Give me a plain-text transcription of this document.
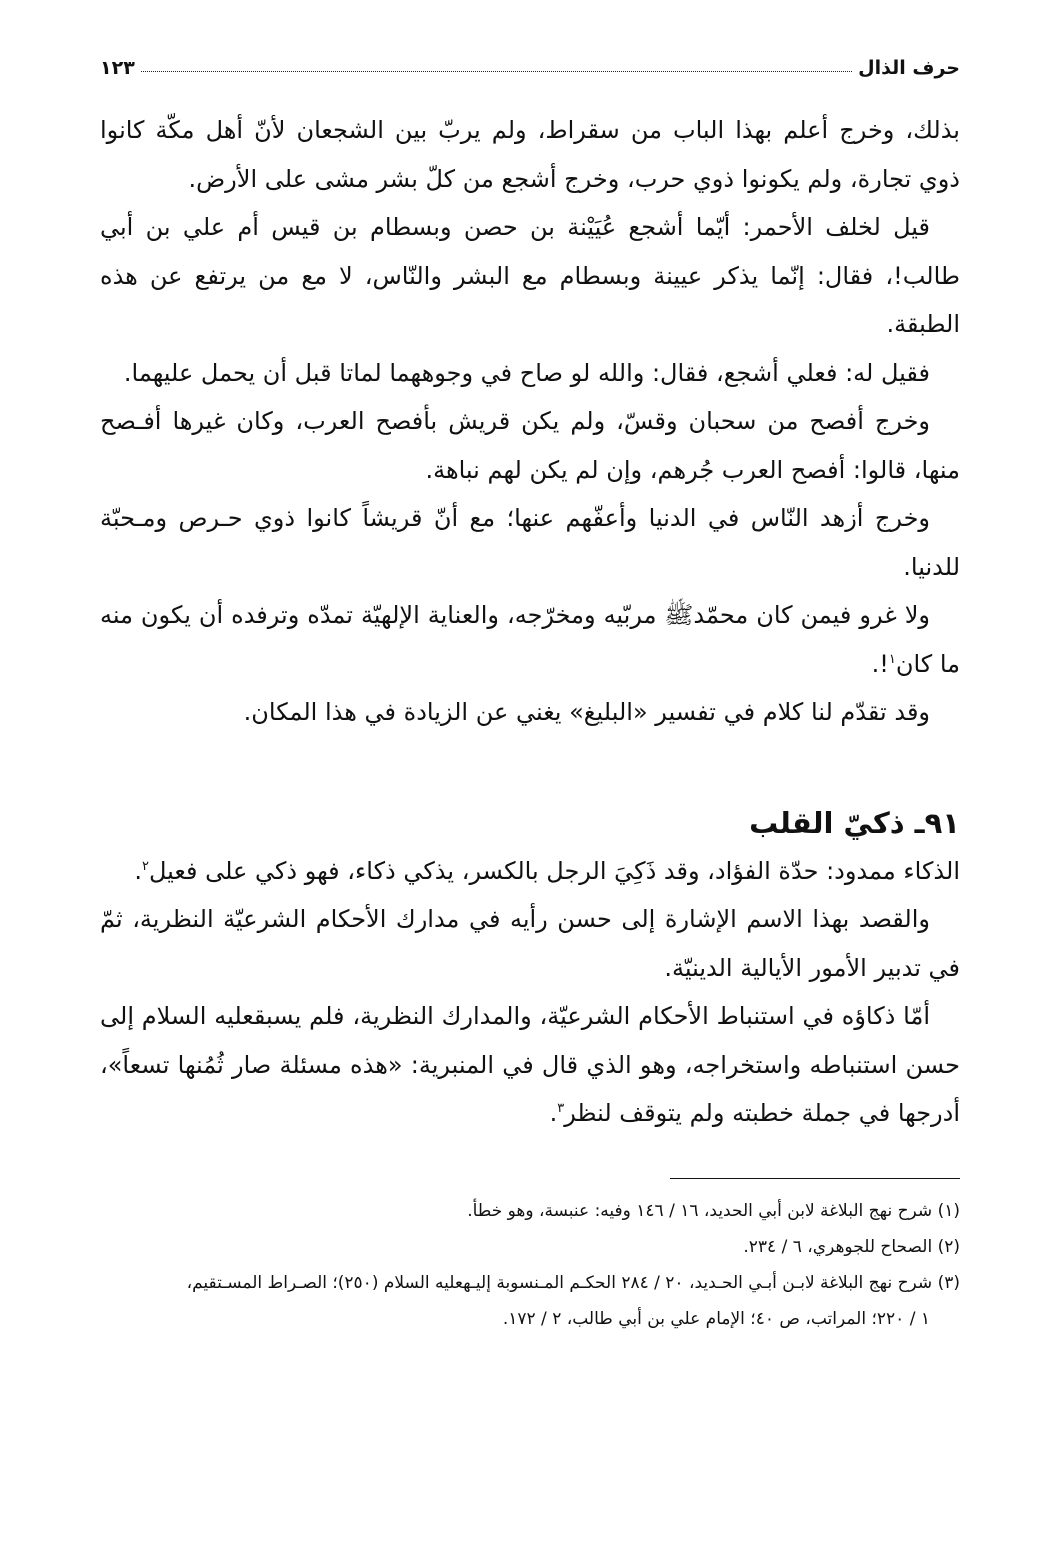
حرف الذال
١٢٣

بذلك، وخرج أعلم بهذا الباب من سقراط، ولم يربّ بين الشجعان لأنّ أهل مكّة كانوا ذوي تجارة، ولم يكونوا ذوي حرب، وخرج أشجع من كلّ بشر مشى على الأرض.

قيل لخلف الأحمر: أيّما أشجع عُيَيْنة بن حصن وبسطام بن قيس أم علي بن أبي طالب!، فقال: إنّما يذكر عيينة وبسطام مع البشر والنّاس، لا مع من يرتفع عن هذه الطبقة.

فقيل له: فعلي أشجع، فقال: والله لو صاح في وجوههما لماتا قبل أن يحمل عليهما.

وخرج أفصح من سحبان وقسّ، ولم يكن قريش بأفصح العرب، وكان غيرها أفـصح منها، قالوا: أفصح العرب جُرهم، وإن لم يكن لهم نباهة.

وخرج أزهد النّاس في الدنيا وأعفّهم عنها؛ مع أنّ قريشاً كانوا ذوي حـرص ومـحبّة للدنيا.

ولا غرو فيمن كان محمّدﷺ مربّيه ومخرّجه، والعناية الإلهيّة تمدّه وترفده أن يكون منه ما كان$^١$!.

وقد تقدّم لنا كلام في تفسير «البليغ» يغني عن الزيادة في هذا المكان.

٩١ـ ذكيّ القلب

الذكاء ممدود: حدّة الفؤاد، وقد ذَكِيَ الرجل بالكسر، يذكي ذكاء، فهو ذكي على فعيل$^٢$.

والقصد بهذا الاسم الإشارة إلى حسن رأيه في مدارك الأحكام الشرعيّة النظرية، ثمّ في تدبير الأمور الأيالية الدينيّة.

أمّا ذكاؤه في استنباط الأحكام الشرعيّة، والمدارك النظرية، فلم يسبقعليه السلام إلى حسن استنباطه واستخراجه، وهو الذي قال في المنبرية: «هذه مسئلة صار ثُمُنها تسعاً»، أدرجها في جملة خطبته ولم يتوقف لنظر$^٣$.

(١) شرح نهج البلاغة لابن أبي الحديد، ١٦ / ١٤٦ وفيه: عنبسة، وهو خطأ.

(٢) الصحاح للجوهري، ٦ / ٢٣٤.

(٣) شرح نهج البلاغة لابـن أبـي الحـديد، ٢٠ / ٢٨٤ الحكـم المـنسوبة إليـهعليه السلام (٢٥٠)؛ الصـراط المسـتقيم،

١ / ٢٢٠؛ المراتب، ص ٤٠؛ الإمام علي بن أبي طالب، ٢ / ١٧٢.
